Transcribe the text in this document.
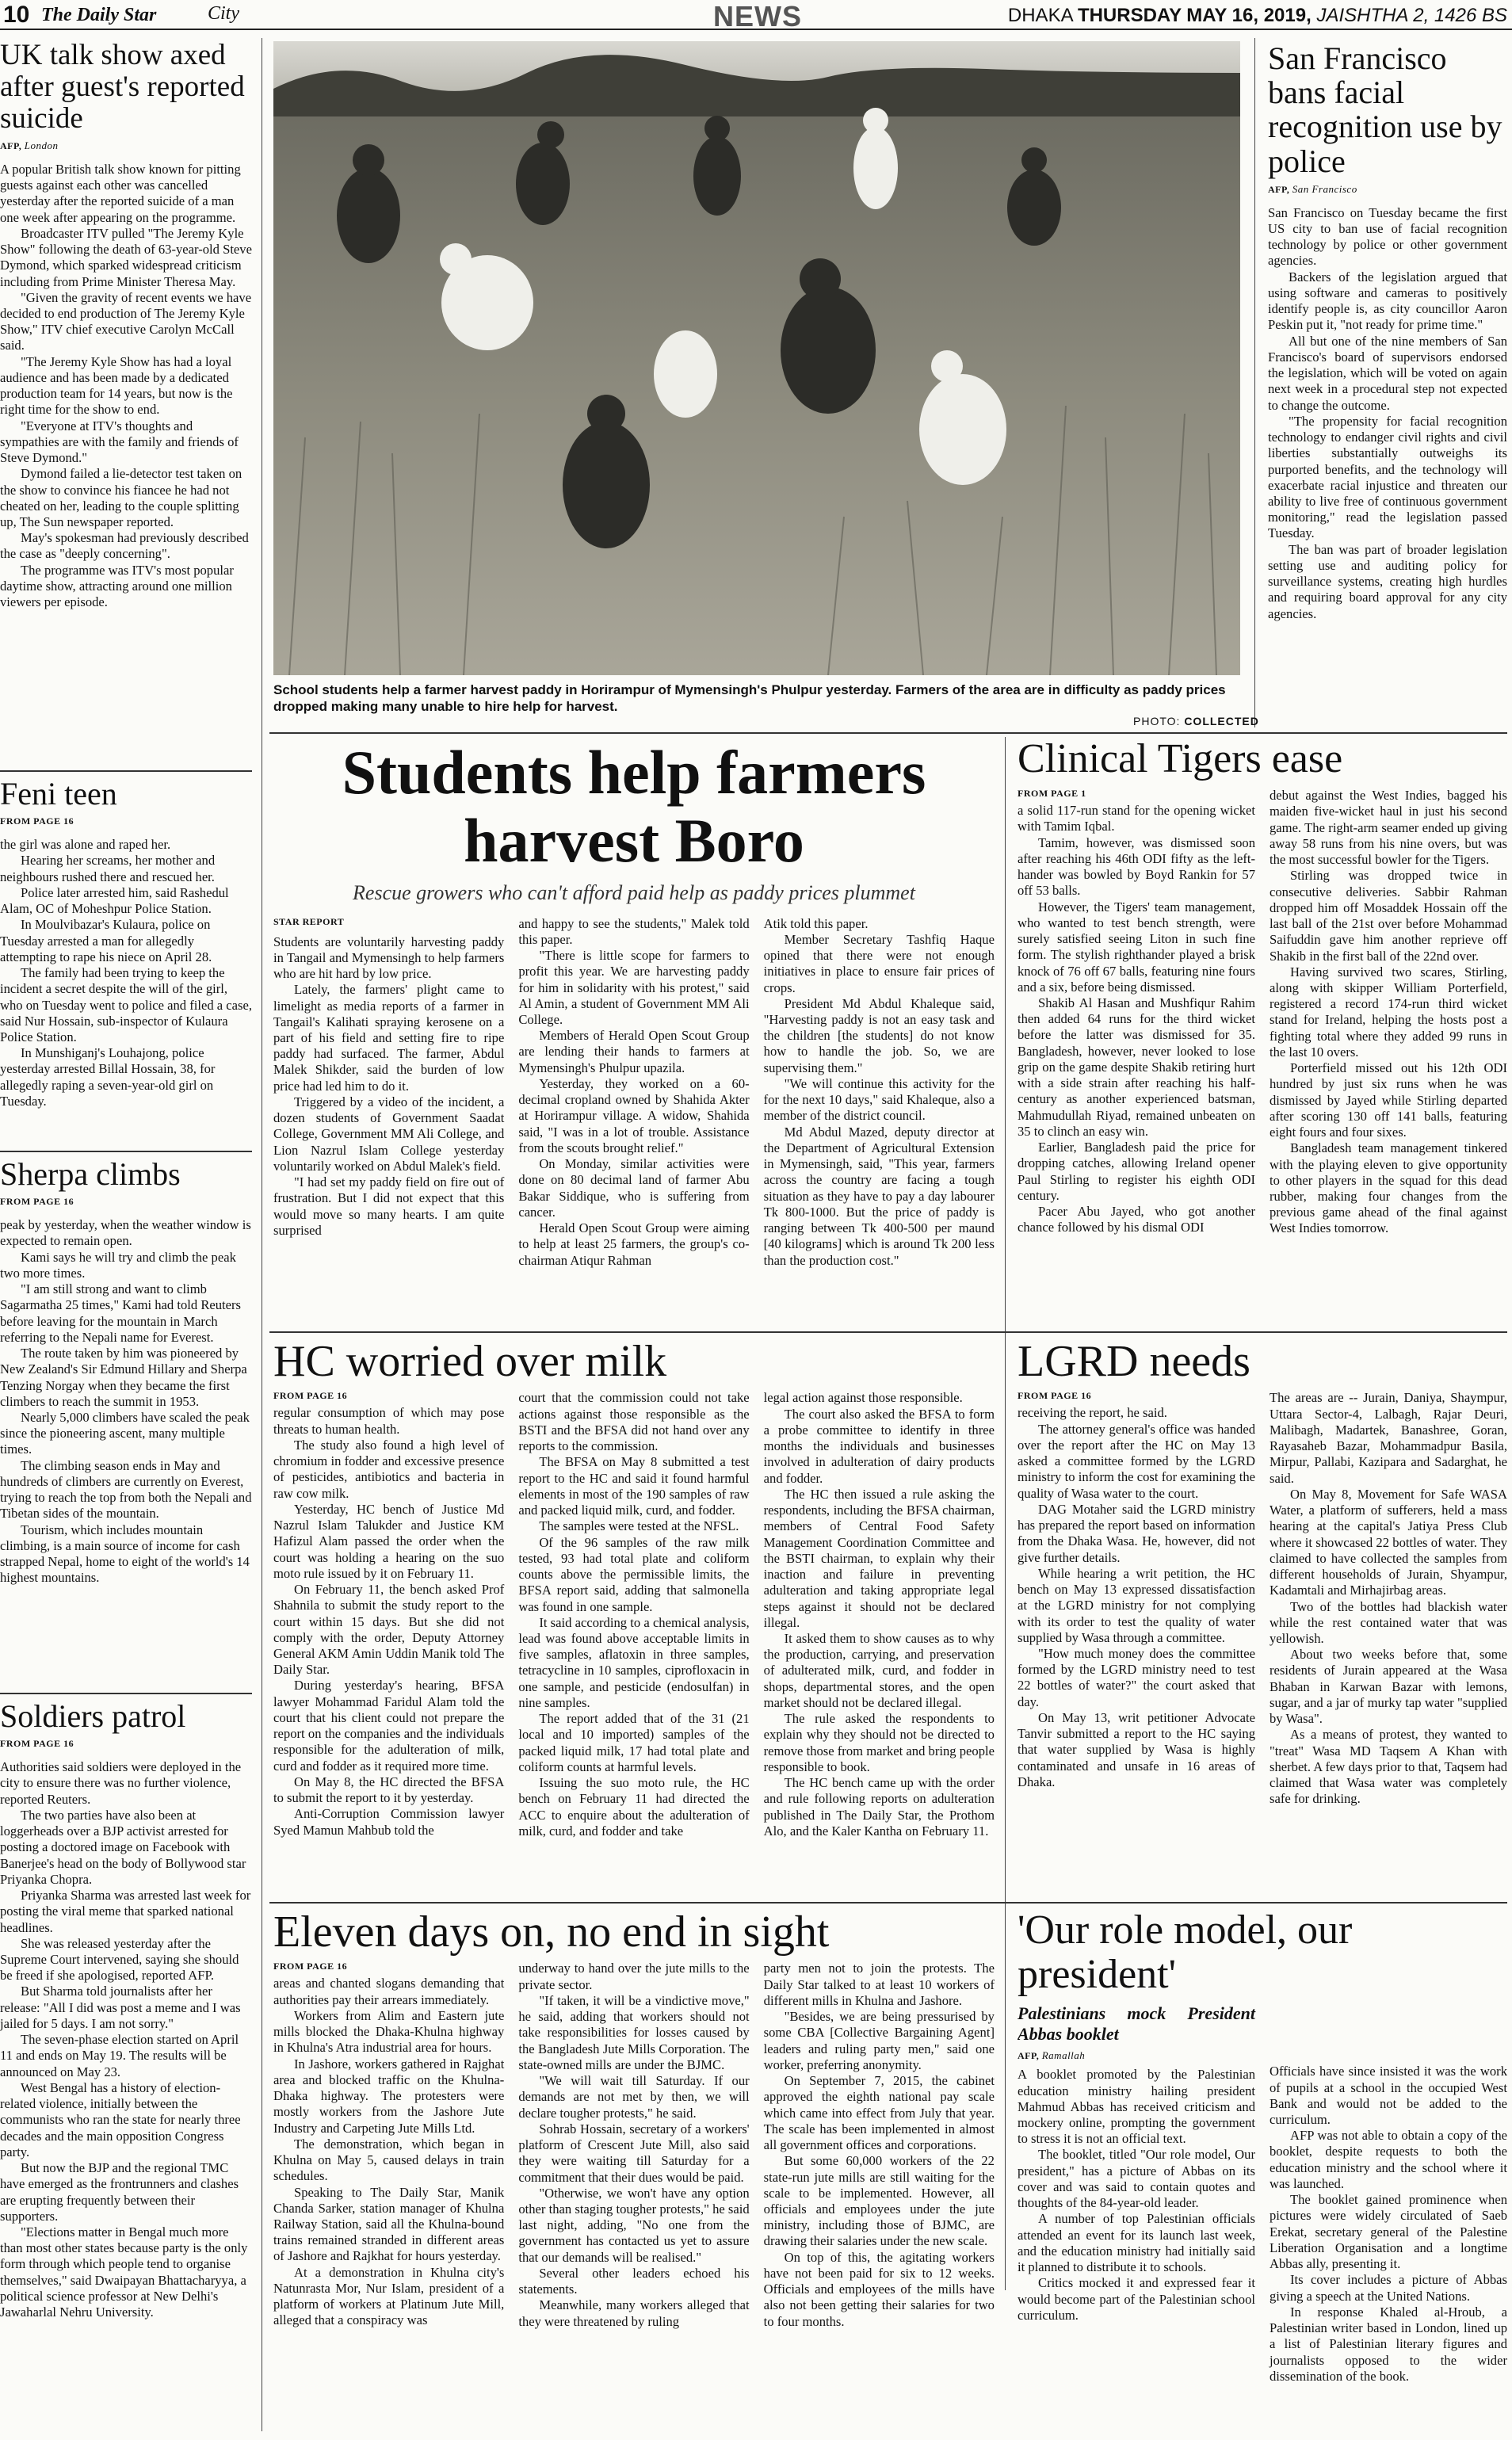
10 The Daily Star	City	NEWS	DHAKA THURSDAY MAY 16, 2019, JAISHTHA 2, 1426 BS
UK talk show axed after guest's reported suicide
AFP, London

A popular British talk show known for pitting guests against each other was cancelled yesterday after the reported suicide of a man one week after appearing on the programme.

Broadcaster ITV pulled "The Jeremy Kyle Show" following the death of 63-year-old Steve Dymond, which sparked widespread criticism including from Prime Minister Theresa May.

"Given the gravity of recent events we have decided to end production of The Jeremy Kyle Show," ITV chief executive Carolyn McCall said.

"The Jeremy Kyle Show has had a loyal audience and has been made by a dedicated production team for 14 years, but now is the right time for the show to end.

"Everyone at ITV's thoughts and sympathies are with the family and friends of Steve Dymond."

Dymond failed a lie-detector test taken on the show to convince his fiancee he had not cheated on her, leading to the couple splitting up, The Sun newspaper reported.

May's spokesman had previously described the case as "deeply concerning".

The programme was ITV's most popular daytime show, attracting around one million viewers per episode.

Feni teen
FROM PAGE 16

the girl was alone and raped her.

Hearing her screams, her mother and neighbours rushed there and rescued her.

Police later arrested him, said Rashedul Alam, OC of Moheshpur Police Station.

In Moulvibazar's Kulaura, police on Tuesday arrested a man for allegedly attempting to rape his niece on April 28.

The family had been trying to keep the incident a secret despite the will of the girl, who on Tuesday went to police and filed a case, said Nur Hossain, sub-inspector of Kulaura Police Station.

In Munshiganj's Louhajong, police yesterday arrested Billal Hossain, 38, for allegedly raping a seven-year-old girl on Tuesday.

Sherpa climbs
FROM PAGE 16

peak by yesterday, when the weather window is expected to remain open.

Kami says he will try and climb the peak two more times.

"I am still strong and want to climb Sagarmatha 25 times," Kami had told Reuters before leaving for the mountain in March referring to the Nepali name for Everest.

The route taken by him was pioneered by New Zealand's Sir Edmund Hillary and Sherpa Tenzing Norgay when they became the first climbers to reach the summit in 1953.

Nearly 5,000 climbers have scaled the peak since the pioneering ascent, many multiple times.

The climbing season ends in May and hundreds of climbers are currently on Everest, trying to reach the top from both the Nepali and Tibetan sides of the mountain.

Tourism, which includes mountain climbing, is a main source of income for cash strapped Nepal, home to eight of the world's 14 highest mountains.

Soldiers patrol
FROM PAGE 16

Authorities said soldiers were deployed in the city to ensure there was no further violence, reported Reuters.

The two parties have also been at loggerheads over a BJP activist arrested for posting a doctored image on Facebook with Banerjee's head on the body of Bollywood star Priyanka Chopra.

Priyanka Sharma was arrested last week for posting the viral meme that sparked national headlines.

She was released yesterday after the Supreme Court intervened, saying she should be freed if she apologised, reported AFP.

But Sharma told journalists after her release: "All I did was post a meme and I was jailed for 5 days. I am not sorry."

The seven-phase election started on April 11 and ends on May 19. The results will be announced on May 23.

West Bengal has a history of election-related violence, initially between the communists who ran the state for nearly three decades and the main opposition Congress party.

But now the BJP and the regional TMC have emerged as the frontrunners and clashes are erupting frequently between their supporters.

"Elections matter in Bengal much more than most other states because party is the only form through which people tend to organise themselves," said Dwaipayan Bhattacharyya, a political science professor at New Delhi's Jawaharlal Nehru University.

School students help a farmer harvest paddy in Horirampur of Mymensingh's Phulpur yesterday. Farmers of the area are in difficulty as paddy prices dropped making many unable to hire help for harvest.
PHOTO: COLLECTED
San Francisco bans facial recognition use by police
AFP, San Francisco

San Francisco on Tuesday became the first US city to ban use of facial recognition technology by police or other government agencies.

Backers of the legislation argued that using software and cameras to positively identify people is, as city councillor Aaron Peskin put it, "not ready for prime time."

All but one of the nine members of San Francisco's board of supervisors endorsed the legislation, which will be voted on again next week in a procedural step not expected to change the outcome.

"The propensity for facial recognition technology to endanger civil rights and civil liberties substantially outweighs its purported benefits, and the technology will exacerbate racial injustice and threaten our ability to live free of continuous government monitoring," read the legislation passed Tuesday.

The ban was part of broader legislation setting use and auditing policy for surveillance systems, creating high hurdles and requiring board approval for any city agencies.

Students help farmers harvest Boro
Rescue growers who can't afford paid help as paddy prices plummet
STAR REPORT

Students are voluntarily harvesting paddy in Tangail and Mymensingh to help farmers who are hit hard by low price.

Lately, the farmers' plight came to limelight as media reports of a farmer in Tangail's Kalihati spraying kerosene on a part of his field and setting fire to ripe paddy had surfaced. The farmer, Abdul Malek Shikder, said the burden of low price had led him to do it.

Triggered by a video of the incident, a dozen students of Government Saadat College, Government MM Ali College, and Lion Nazrul Islam College yesterday voluntarily worked on Abdul Malek's field.

"I had set my paddy field on fire out of frustration. But I did not expect that this would move so many hearts. I am quite surprised

and happy to see the students," Malek told this paper.

"There is little scope for farmers to profit this year. We are harvesting paddy for him in solidarity with his protest," said Al Amin, a student of Government MM Ali College.

Members of Herald Open Scout Group are lending their hands to farmers at Mymensingh's Phulpur upazila.

Yesterday, they worked on a 60-decimal cropland owned by Shahida Akter at Horirampur village. A widow, Shahida said, "I was in a lot of trouble. Assistance from the scouts brought relief."

On Monday, similar activities were done on 80 decimal land of farmer Abu Bakar Siddique, who is suffering from cancer.

Herald Open Scout Group were aiming to help at least 25 farmers, the group's co-chairman Atiqur Rahman

Atik told this paper.

Member Secretary Tashfiq Haque opined that there were not enough initiatives in place to ensure fair prices of crops.

President Md Abdul Khaleque said, "Harvesting paddy is not an easy task and the children [the students] do not know how to handle the job. So, we are supervising them."

"We will continue this activity for the for the next 10 days," said Khaleque, also a member of the district council.

Md Abdul Mazed, deputy director at the Department of Agricultural Extension in Mymensingh, said, "This year, farmers across the country are facing a tough situation as they have to pay a day labourer Tk 800-1000. But the price of paddy is ranging between Tk 400-500 per maund [40 kilograms] which is around Tk 200 less than the production cost."

Clinical Tigers ease
FROM PAGE 1

a solid 117-run stand for the opening wicket with Tamim Iqbal.

Tamim, however, was dismissed soon after reaching his 46th ODI fifty as the left-hander was bowled by Boyd Rankin for 57 off 53 balls.

However, the Tigers' team management, who wanted to test bench strength, were surely satisfied seeing Liton in such fine form. The stylish righthander played a brisk knock of 76 off 67 balls, featuring nine fours and a six, before being dismissed.

Shakib Al Hasan and Mushfiqur Rahim then added 64 runs for the third wicket before the latter was dismissed for 35. Bangladesh, however, never looked to lose grip on the game despite Shakib retiring hurt with a side strain after reaching his half-century as another experienced batsman, Mahmudullah Riyad, remained unbeaten on 35 to clinch an easy win.

Earlier, Bangladesh paid the price for dropping catches, allowing Ireland opener Paul Stirling to register his eighth ODI century.

Pacer Abu Jayed, who got another chance followed by his dismal ODI

debut against the West Indies, bagged his maiden five-wicket haul in just his second game. The right-arm seamer ended up giving away 58 runs from his nine overs, but was the most successful bowler for the Tigers.

Stirling was dropped twice in consecutive deliveries. Sabbir Rahman dropped him off Mosaddek Hossain off the last ball of the 21st over before Mohammad Saifuddin gave him another reprieve off Shakib in the first ball of the 22nd over.

Having survived two scares, Stirling, along with skipper William Porterfield, registered a record 174-run third wicket stand for Ireland, helping the hosts post a fighting total where they added 99 runs in the last 10 overs.

Porterfield missed out his 12th ODI hundred by just six runs when he was dismissed by Jayed while Stirling departed after scoring 130 off 141 balls, featuring eight fours and four sixes.

Bangladesh team management tinkered with the playing eleven to give opportunity to other players in the squad for this dead rubber, making four changes from the previous game ahead of the final against West Indies tomorrow.

HC worried over milk
FROM PAGE 16

regular consumption of which may pose threats to human health.

The study also found a high level of chromium in fodder and excessive presence of pesticides, antibiotics and bacteria in raw cow milk.

Yesterday, HC bench of Justice Md Nazrul Islam Talukder and Justice KM Hafizul Alam passed the order when the court was holding a hearing on the suo moto rule issued by it on February 11.

On February 11, the bench asked Prof Shahnila to submit the study report to the court within 15 days. But she did not comply with the order, Deputy Attorney General AKM Amin Uddin Manik told The Daily Star.

During yesterday's hearing, BFSA lawyer Mohammad Faridul Alam told the court that his client could not prepare the report on the companies and the individuals responsible for the adulteration of milk, curd and fodder as it required more time.

On May 8, the HC directed the BFSA to submit the report to it by yesterday.

Anti-Corruption Commission lawyer Syed Mamun Mahbub told the

court that the commission could not take actions against those responsible as the BSTI and the BFSA did not hand over any reports to the commission.

The BFSA on May 8 submitted a test report to the HC and said it found harmful elements in most of the 190 samples of raw and packed liquid milk, curd, and fodder.

The samples were tested at the NFSL.

Of the 96 samples of the raw milk tested, 93 had total plate and coliform counts above the permissible limits, the BFSA report said, adding that salmonella was found in one sample.

It said according to a chemical analysis, lead was found above acceptable limits in five samples, aflatoxin in three samples, tetracycline in 10 samples, ciprofloxacin in one sample, and pesticide (endosulfan) in nine samples.

The report added that of the 31 (21 local and 10 imported) samples of the packed liquid milk, 17 had total plate and coliform counts at harmful levels.

Issuing the suo moto rule, the HC bench on February 11 had directed the ACC to enquire about the adulteration of milk, curd, and fodder and take

legal action against those responsible.

The court also asked the BFSA to form a probe committee to identify in three months the individuals and businesses involved in adulteration of dairy products and fodder.

The HC then issued a rule asking the respondents, including the BFSA chairman, members of Central Food Safety Management Coordination Committee and the BSTI chairman, to explain why their inaction and failure in preventing adulteration and taking appropriate legal steps against it should not be declared illegal.

It asked them to show causes as to why the production, carrying, and preservation of adulterated milk, curd, and fodder in shops, departmental stores, and the open market should not be declared illegal.

The rule asked the respondents to explain why they should not be directed to remove those from market and bring people responsible to book.

The HC bench came up with the order and rule following reports on adulteration published in The Daily Star, the Prothom Alo, and the Kaler Kantha on February 11.

LGRD needs
FROM PAGE 16

receiving the report, he said.

The attorney general's office was handed over the report after the HC on May 13 asked a committee formed by the LGRD ministry to inform the cost for examining the quality of Wasa water to the court.

DAG Motaher said the LGRD ministry has prepared the report based on information from the Dhaka Wasa. He, however, did not give further details.

While hearing a writ petition, the HC bench on May 13 expressed dissatisfaction at the LGRD ministry for not complying with its order to test the quality of water supplied by Wasa through a committee.

"How much money does the committee formed by the LGRD ministry need to test 22 bottles of water?" the court asked that day.

On May 13, writ petitioner Advocate Tanvir submitted a report to the HC saying that water supplied by Wasa is highly contaminated and unsafe in 16 areas of Dhaka.

The areas are -- Jurain, Daniya, Shaympur, Uttara Sector-4, Lalbagh, Rajar Deuri, Malibagh, Madartek, Banashree, Goran, Rayasaheb Bazar, Mohammadpur Basila, Mirpur, Pallabi, Kazipara and Sadarghat, he said.

On May 8, Movement for Safe WASA Water, a platform of sufferers, held a mass hearing at the capital's Jatiya Press Club where it showcased 22 bottles of water. They claimed to have collected the samples from different households of Jurain, Shyampur, Kadamtali and Mirhajirbag areas.

Two of the bottles had blackish water while the rest contained water that was yellowish.

About two weeks before that, some residents of Jurain appeared at the Wasa Bhaban in Karwan Bazar with lemons, sugar, and a jar of murky tap water "supplied by Wasa".

As a means of protest, they wanted to "treat" Wasa MD Taqsem A Khan with sherbet. A few days prior to that, Taqsem had claimed that Wasa water was completely safe for drinking.

Eleven days on, no end in sight
FROM PAGE 16

areas and chanted slogans demanding that authorities pay their arrears immediately.

Workers from Alim and Eastern jute mills blocked the Dhaka-Khulna highway in Khulna's Atra industrial area for hours.

In Jashore, workers gathered in Rajghat area and blocked traffic on the Khulna-Dhaka highway. The protesters were mostly workers from the Jashore Jute Industry and Carpeting Jute Mills Ltd.

The demonstration, which began in Khulna on May 5, caused delays in train schedules.

Speaking to The Daily Star, Manik Chanda Sarker, station manager of Khulna Railway Station, said all the Khulna-bound trains remained stranded in different areas of Jashore and Rajkhat for hours yesterday.

At a demonstration in Khulna city's Natunrasta Mor, Nur Islam, president of a platform of workers at Platinum Jute Mill, alleged that a conspiracy was

underway to hand over the jute mills to the private sector.

"If taken, it will be a vindictive move," he said, adding that workers should not take responsibilities for losses caused by the Bangladesh Jute Mills Corporation. The state-owned mills are under the BJMC.

"We will wait till Saturday. If our demands are not met by then, we will declare tougher protests," he said.

Sohrab Hossain, secretary of a workers' platform of Crescent Jute Mill, also said they were waiting till Saturday for a commitment that their dues would be paid.

"Otherwise, we won't have any option other than staging tougher protests," he said last night, adding, "No one from the government has contacted us yet to assure that our demands will be realised."

Several other leaders echoed his statements.

Meanwhile, many workers alleged that they were threatened by ruling

party men not to join the protests. The Daily Star talked to at least 10 workers of different mills in Khulna and Jashore.

"Besides, we are being pressurised by some CBA [Collective Bargaining Agent] leaders and ruling party men," said one worker, preferring anonymity.

On September 7, 2015, the cabinet approved the eighth national pay scale which came into effect from July that year. The scale has been implemented in almost all government offices and corporations.

But some 60,000 workers of the 22 state-run jute mills are still waiting for the scale to be implemented. However, all officials and employees under the jute ministry, including those of BJMC, are drawing their salaries under the new scale.

On top of this, the agitating workers have not been paid for six to 12 weeks. Officials and employees of the mills have also not been getting their salaries for two to four months.

'Our role model, our president'
Palestinians mock President Abbas booklet
AFP, Ramallah

A booklet promoted by the Palestinian education ministry hailing president Mahmud Abbas has received criticism and mockery online, prompting the government to stress it is not an official text.

The booklet, titled "Our role model, Our president," has a picture of Abbas on its cover and was said to contain quotes and thoughts of the 84-year-old leader.

A number of top Palestinian officials attended an event for its launch last week, and the education ministry had initially said it planned to distribute it to schools.

Critics mocked it and expressed fear it would become part of the Palestinian school curriculum.

Officials have since insisted it was the work of pupils at a school in the occupied West Bank and would not be added to the curriculum.

AFP was not able to obtain a copy of the booklet, despite requests to both the education ministry and the school where it was launched.

The booklet gained prominence when pictures were widely circulated of Saeb Erekat, secretary general of the Palestine Liberation Organisation and a longtime Abbas ally, presenting it.

Its cover includes a picture of Abbas giving a speech at the United Nations.

In response Khaled al-Hroub, a Palestinian writer based in London, lined up a list of Palestinian literary figures and journalists opposed to the wider dissemination of the book.
